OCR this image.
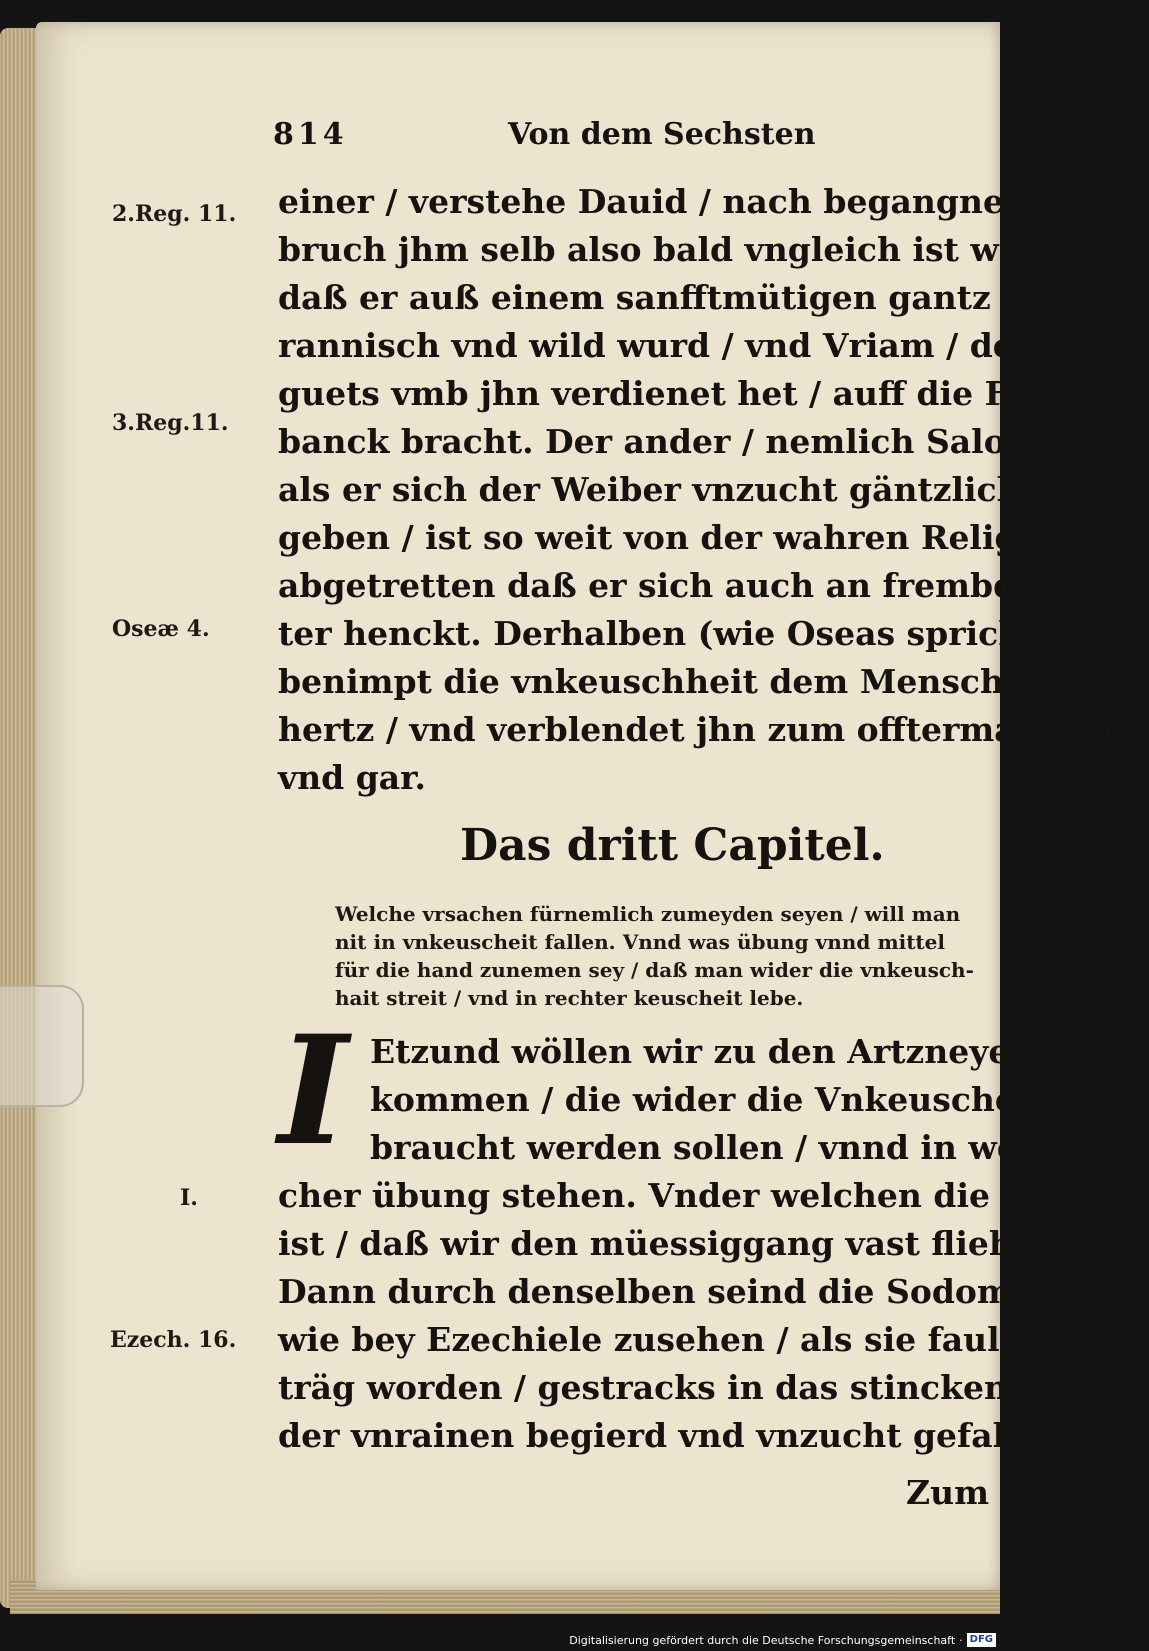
814	Von dem Sechsten
2.Reg. 11.
3.Reg.11.
Oseæ 4.
I.
Ezech. 16.
einer / verstehe Dauid / nach begangnem Ee-
bruch jhm selb also bald vngleich ist worden /
daß er auß einem sanfftmütigen gantz Ty-
rannisch vnd wild wurd / vnd Vriam / der vil
guets vmb jhn verdienet het / auff die Flaisch-
banck bracht. Der ander / nemlich Salomon /
als er sich der Weiber vnzucht gäntzlich er-
geben / ist so weit von der wahren Religion
abgetretten daß er sich auch an frembde Göt-
ter henckt. Derhalben (wie Oseas spricht)
benimpt die vnkeuschheit dem Menschen das
hertz / vnd verblendet jhn zum offtermal gantz
vnd gar.
Das dritt Capitel.
Welche vrsachen fürnemlich zumeyden seyen / will man
nit in vnkeuscheit fallen. Vnnd was übung vnnd mittel
für die hand zunemen sey / daß man wider die vnkeusch-
hait streit / vnd in rechter keuscheit lebe.
I Etzund wöllen wir zu den Artzneyen
kommen / die wider die Vnkeuscheit ge-
braucht werden sollen / vnnd in werckli-
cher übung stehen. Vnder welchen die Erst
ist / daß wir den müessiggang vast fliehen.
Dann durch denselben seind die Sodomiter /
wie bey Ezechiele zusehen / als sie faul vnnd
träg worden / gestracks in das stinckend laster
der vnrainen begierd vnd vnzucht gefallen.
Zum
Digitalisierung gefördert durch die Deutsche Forschungsgemeinschaft · DFG
